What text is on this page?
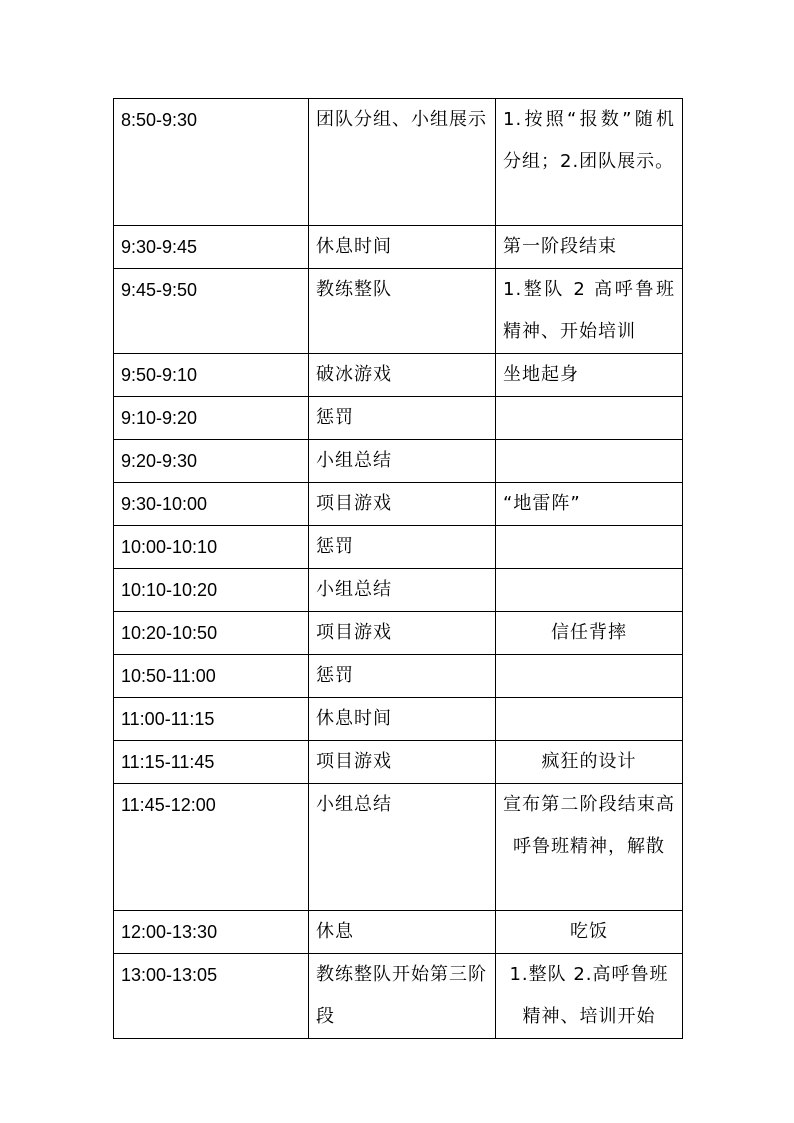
8:50-9:30	团队分组、小组展示	1.按照“报数”随机分组；2.团队展示。
9:30-9:45	休息时间	第一阶段结束
9:45-9:50	教练整队	1.整队 2 高呼鲁班精神、开始培训
9:50-9:10	破冰游戏	坐地起身
9:10-9:20	惩罚	
9:20-9:30	小组总结	
9:30-10:00	项目游戏	“地雷阵”
10:00-10:10	惩罚	
10:10-10:20	小组总结	
10:20-10:50	项目游戏	信任背摔
10:50-11:00	惩罚	
11:00-11:15	休息时间	
11:15-11:45	项目游戏	疯狂的设计
11:45-12:00	小组总结	宣布第二阶段结束高呼鲁班精神，解散
12:00-13:30	休息	吃饭
13:00-13:05	教练整队开始第三阶段	1.整队 2.高呼鲁班精神、培训开始
